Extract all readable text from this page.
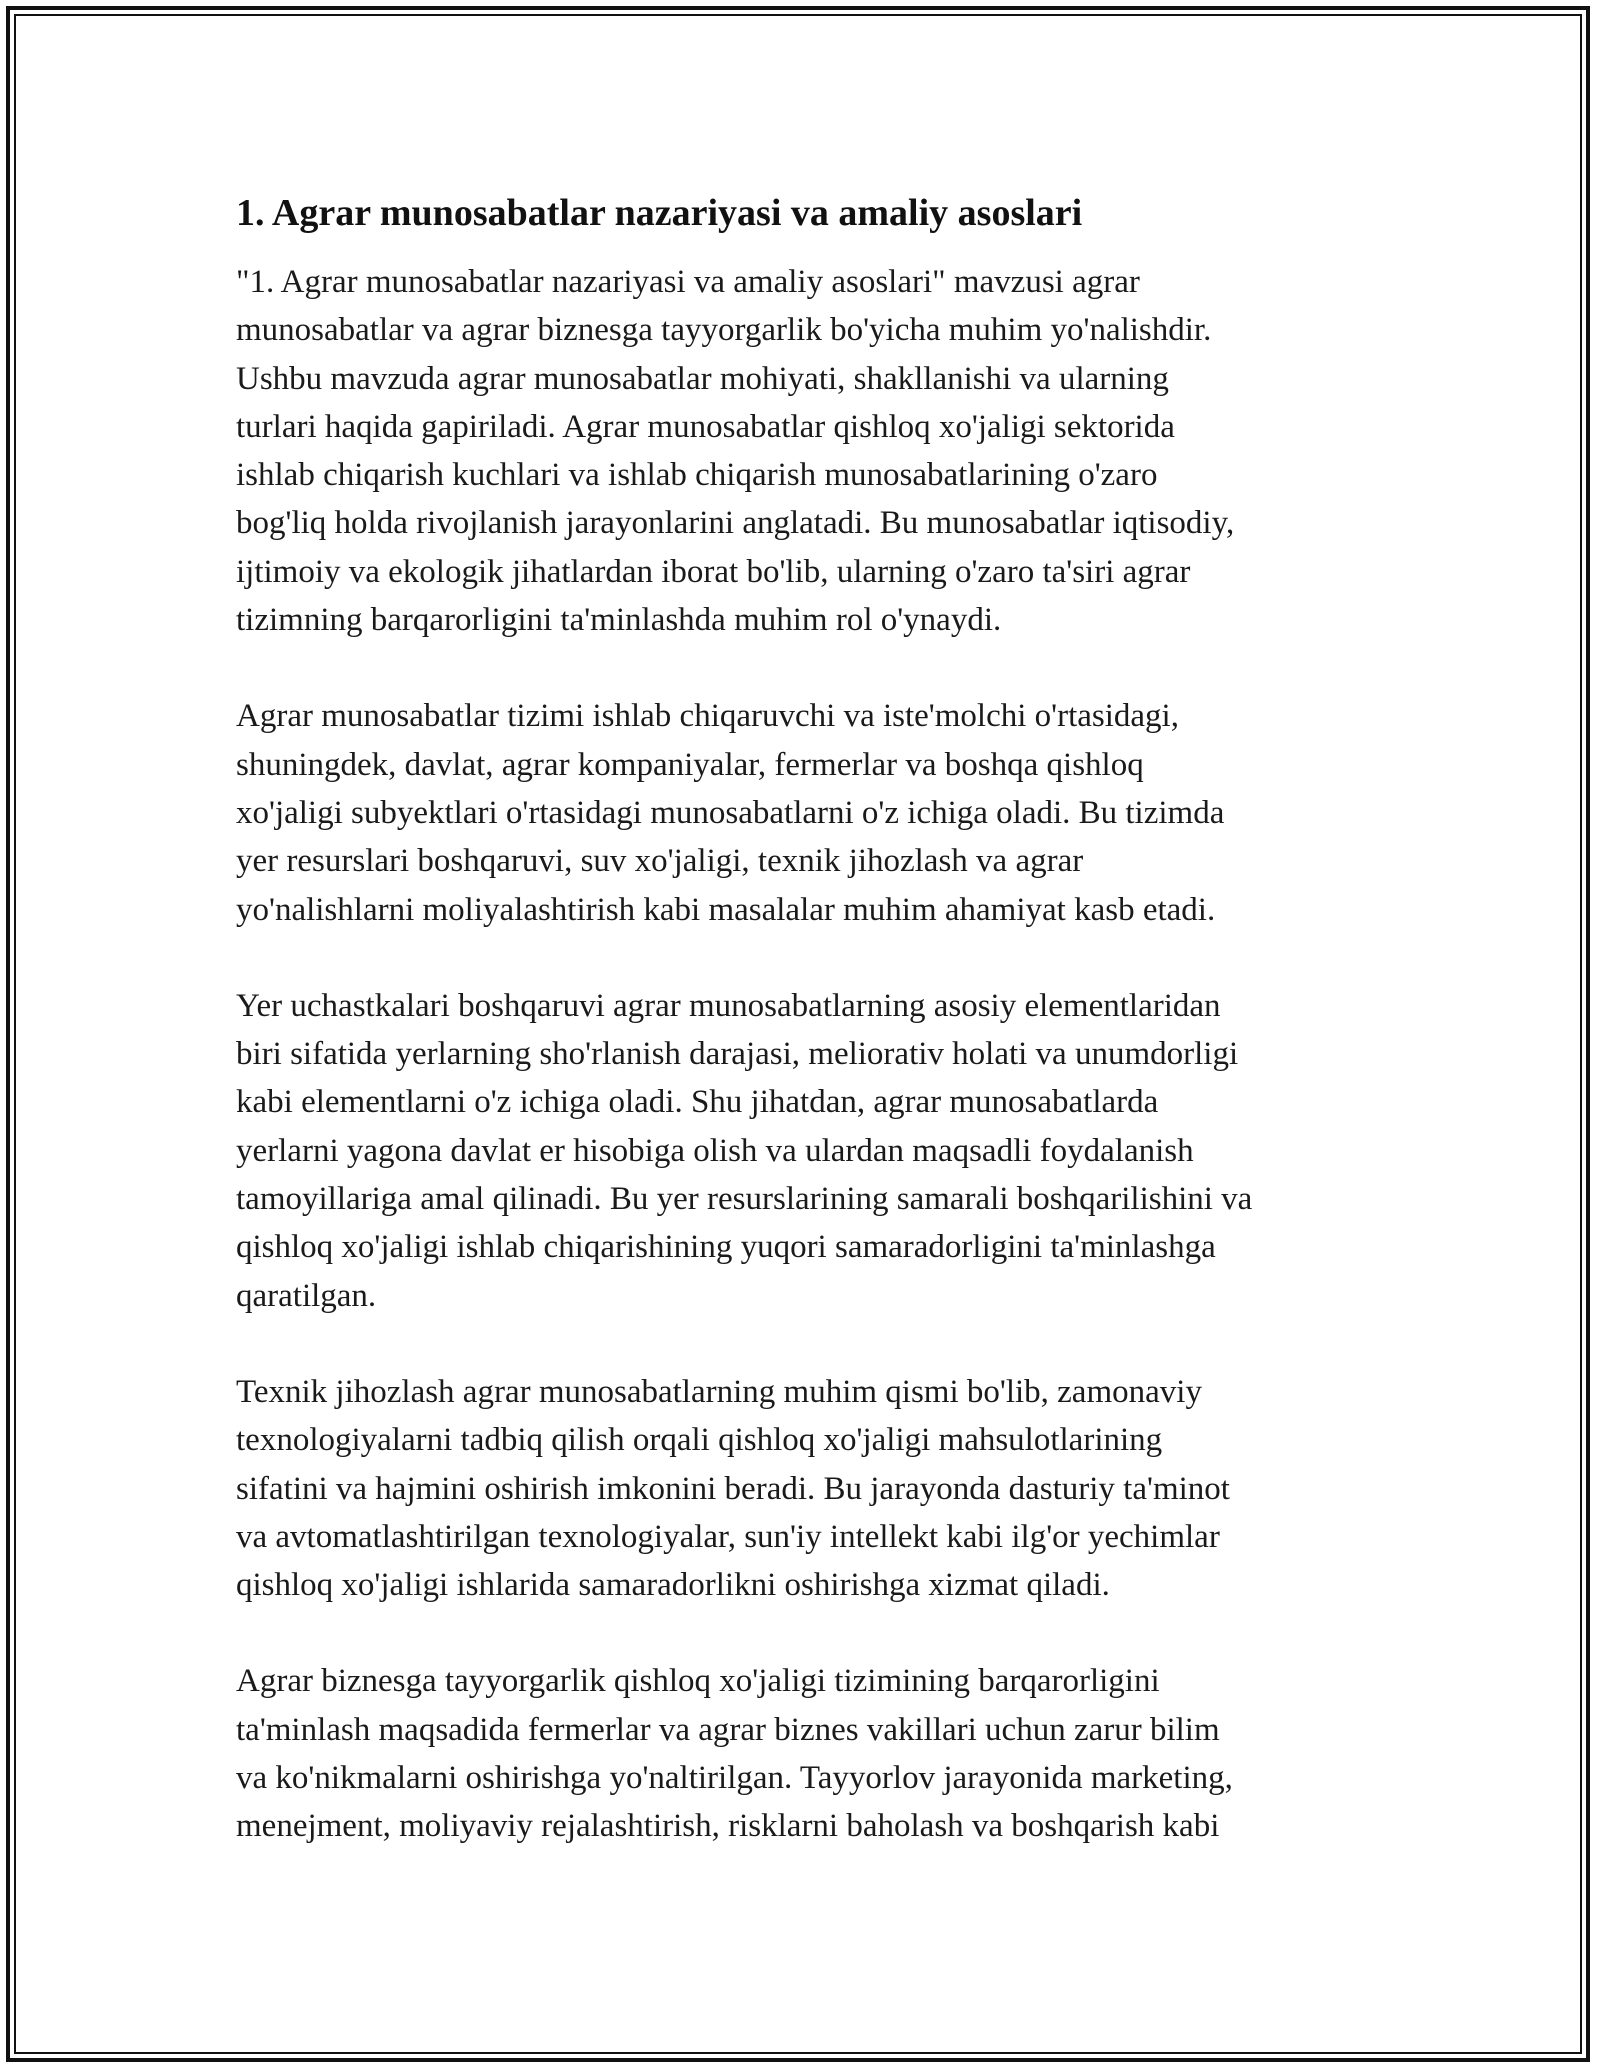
1. Agrar munosabatlar nazariyasi va amaliy asoslari

"1. Agrar munosabatlar nazariyasi va amaliy asoslari" mavzusi agrar
munosabatlar va agrar biznesga tayyorgarlik bo'yicha muhim yo'nalishdir.
Ushbu mavzuda agrar munosabatlar mohiyati, shakllanishi va ularning
turlari haqida gapiriladi. Agrar munosabatlar qishloq xo'jaligi sektorida
ishlab chiqarish kuchlari va ishlab chiqarish munosabatlarining o'zaro
bog'liq holda rivojlanish jarayonlarini anglatadi. Bu munosabatlar iqtisodiy,
ijtimoiy va ekologik jihatlardan iborat bo'lib, ularning o'zaro ta'siri agrar
tizimning barqarorligini ta'minlashda muhim rol o'ynaydi.

Agrar munosabatlar tizimi ishlab chiqaruvchi va iste'molchi o'rtasidagi,
shuningdek, davlat, agrar kompaniyalar, fermerlar va boshqa qishloq
xo'jaligi subyektlari o'rtasidagi munosabatlarni o'z ichiga oladi. Bu tizimda
yer resurslari boshqaruvi, suv xo'jaligi, texnik jihozlash va agrar
yo'nalishlarni moliyalashtirish kabi masalalar muhim ahamiyat kasb etadi.

Yer uchastkalari boshqaruvi agrar munosabatlarning asosiy elementlaridan
biri sifatida yerlarning sho'rlanish darajasi, meliorativ holati va unumdorligi
kabi elementlarni o'z ichiga oladi. Shu jihatdan, agrar munosabatlarda
yerlarni yagona davlat er hisobiga olish va ulardan maqsadli foydalanish
tamoyillariga amal qilinadi. Bu yer resurslarining samarali boshqarilishini va
qishloq xo'jaligi ishlab chiqarishining yuqori samaradorligini ta'minlashga
qaratilgan.

Texnik jihozlash agrar munosabatlarning muhim qismi bo'lib, zamonaviy
texnologiyalarni tadbiq qilish orqali qishloq xo'jaligi mahsulotlarining
sifatini va hajmini oshirish imkonini beradi. Bu jarayonda dasturiy ta'minot
va avtomatlashtirilgan texnologiyalar, sun'iy intellekt kabi ilg'or yechimlar
qishloq xo'jaligi ishlarida samaradorlikni oshirishga xizmat qiladi.

Agrar biznesga tayyorgarlik qishloq xo'jaligi tizimining barqarorligini
ta'minlash maqsadida fermerlar va agrar biznes vakillari uchun zarur bilim
va ko'nikmalarni oshirishga yo'naltirilgan. Tayyorlov jarayonida marketing,
menejment, moliyaviy rejalashtirish, risklarni baholash va boshqarish kabi
